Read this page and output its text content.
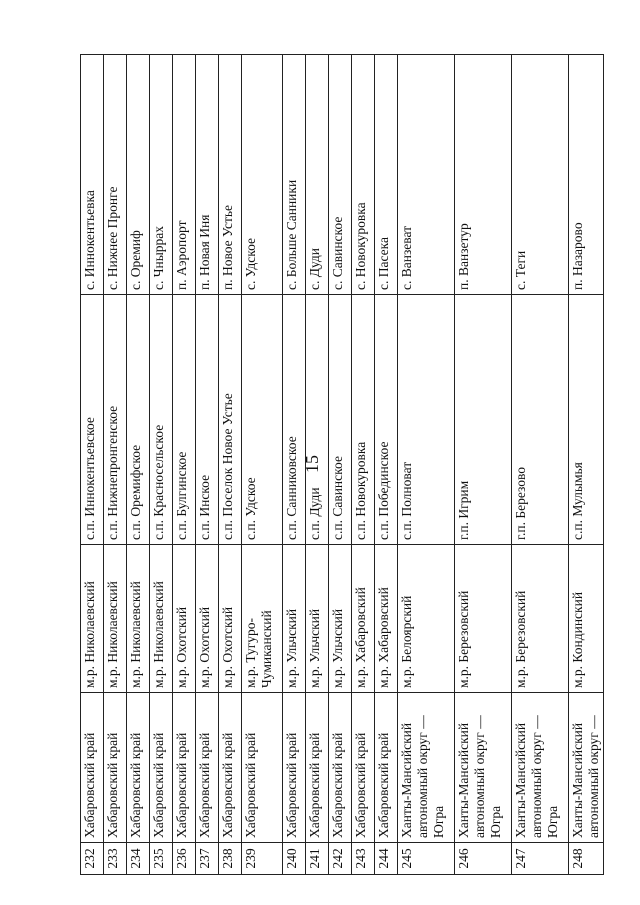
15
232	Хабаровский край	м.р. Николаевский	с.п. Иннокентьевское	с. Иннокентьевка
233	Хабаровский край	м.р. Николаевский	с.п. Нижнепронгенское	с. Нижнее Пронге
234	Хабаровский край	м.р. Николаевский	с.п. Оремифское	с. Оремиф
235	Хабаровский край	м.р. Николаевский	с.п. Красносельское	с. Чныррах
236	Хабаровский край	м.р. Охотский	с.п. Булгинское	п. Аэропорт
237	Хабаровский край	м.р. Охотский	с.п. Инское	п. Новая Иня
238	Хабаровский край	м.р. Охотский	с.п. Поселок Новое Устье	п. Новое Устье
239	Хабаровский край	м.р. Тугуро-Чумиканский	с.п. Удское	с. Удское
240	Хабаровский край	м.р. Ульчский	с.п. Санниковское	с. Больше Санники
241	Хабаровский край	м.р. Ульчский	с.п. Дуди	с. Дуди
242	Хабаровский край	м.р. Ульчский	с.п. Савинское	с. Савинское
243	Хабаровский край	м.р. Хабаровский	с.п. Новокуровка	с. Новокуровка
244	Хабаровский край	м.р. Хабаровский	с.п. Побединское	с. Пасека
245	Ханты-Мансийский автономный округ — Югра	м.р. Белоярский	с.п. Полноват	с. Ванзеват
246	Ханты-Мансийский автономный округ — Югра	м.р. Березовский	г.п. Игрим	п. Ванзетур
247	Ханты-Мансийский автономный округ — Югра	м.р. Березовский	г.п. Березово	с. Теги
248	Ханты-Мансийский автономный округ —	м.р. Кондинский	с.п. Мулымья	п. Назарово
